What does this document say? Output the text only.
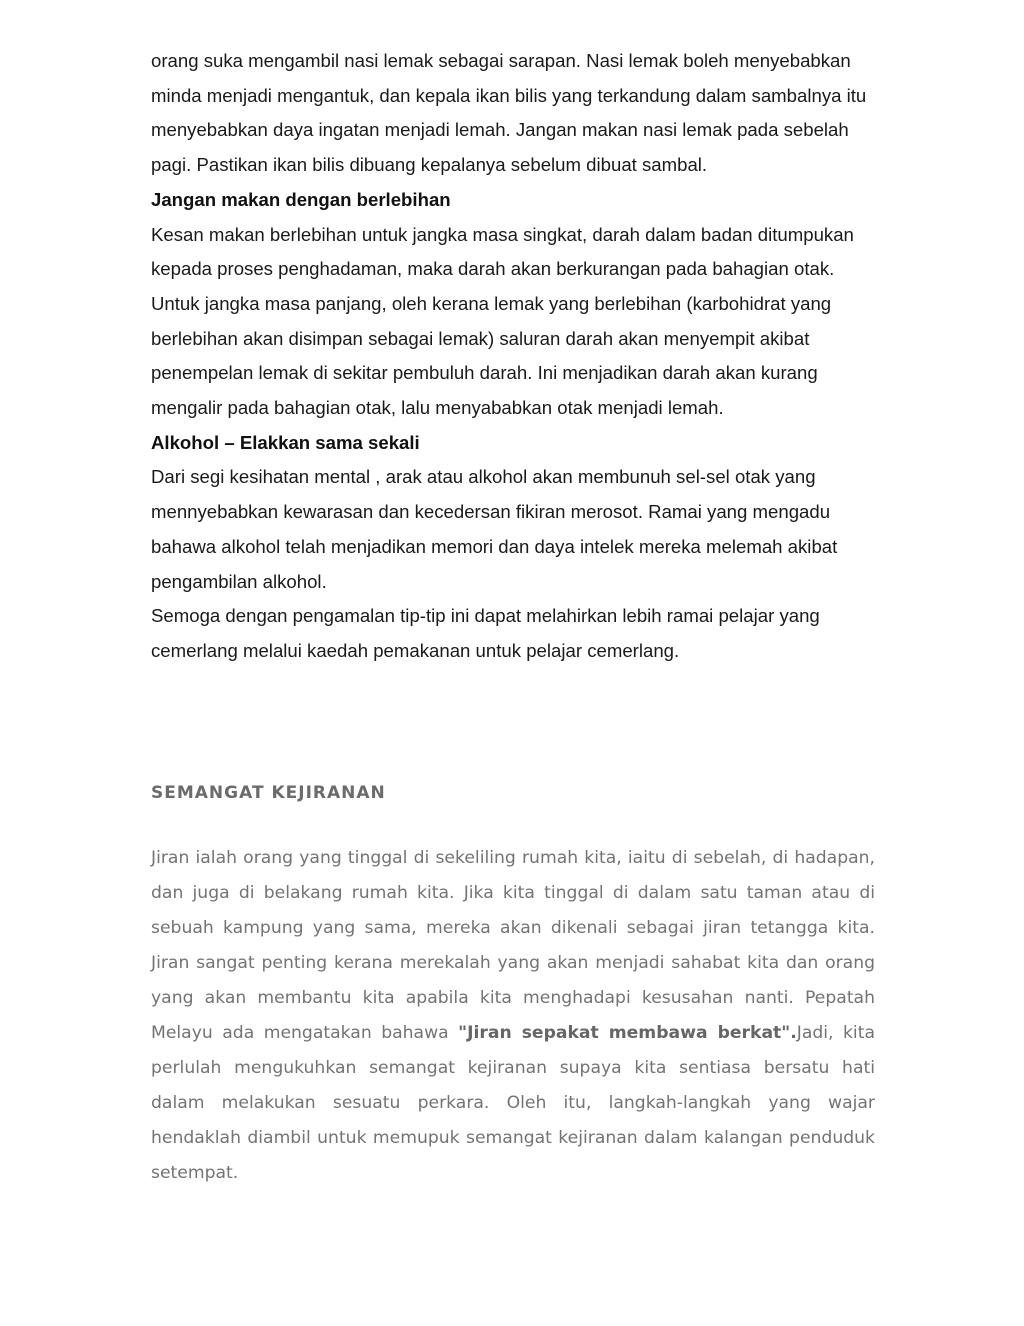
orang suka mengambil nasi lemak sebagai sarapan. Nasi lemak boleh menyebabkan minda menjadi mengantuk, dan kepala ikan bilis yang terkandung dalam sambalnya itu menyebabkan daya ingatan menjadi lemah. Jangan makan nasi lemak pada sebelah pagi. Pastikan ikan bilis dibuang kepalanya sebelum dibuat sambal.

Jangan makan dengan berlebihan

Kesan makan berlebihan untuk jangka masa singkat, darah dalam badan ditumpukan kepada proses penghadaman, maka darah akan berkurangan pada bahagian otak. Untuk jangka masa panjang, oleh kerana lemak yang berlebihan (karbohidrat yang berlebihan akan disimpan sebagai lemak) saluran darah akan menyempit akibat penempelan lemak di sekitar pembuluh darah. Ini menjadikan darah akan kurang mengalir pada bahagian otak, lalu menyababkan otak menjadi lemah.

Alkohol – Elakkan sama sekali

Dari segi kesihatan mental , arak atau alkohol akan membunuh sel-sel otak yang mennyebabkan kewarasan dan kecedersan fikiran merosot. Ramai yang mengadu bahawa alkohol telah menjadikan memori dan daya intelek mereka melemah akibat pengambilan alkohol.

Semoga dengan pengamalan tip-tip ini dapat melahirkan lebih ramai pelajar yang cemerlang melalui kaedah pemakanan untuk pelajar cemerlang.

SEMANGAT KEJIRANAN

Jiran ialah orang yang tinggal di sekeliling rumah kita, iaitu di sebelah, di hadapan, dan juga di belakang rumah kita. Jika kita tinggal di dalam satu taman atau di sebuah kampung yang sama, mereka akan dikenali sebagai jiran tetangga kita. Jiran sangat penting kerana merekalah yang akan menjadi sahabat kita dan orang yang akan membantu kita apabila kita menghadapi kesusahan nanti. Pepatah Melayu ada mengatakan bahawa "Jiran sepakat membawa berkat".Jadi, kita perlulah mengukuhkan semangat kejiranan supaya kita sentiasa bersatu hati dalam melakukan sesuatu perkara. Oleh itu, langkah-langkah yang wajar hendaklah diambil untuk memupuk semangat kejiranan dalam kalangan penduduk setempat.
